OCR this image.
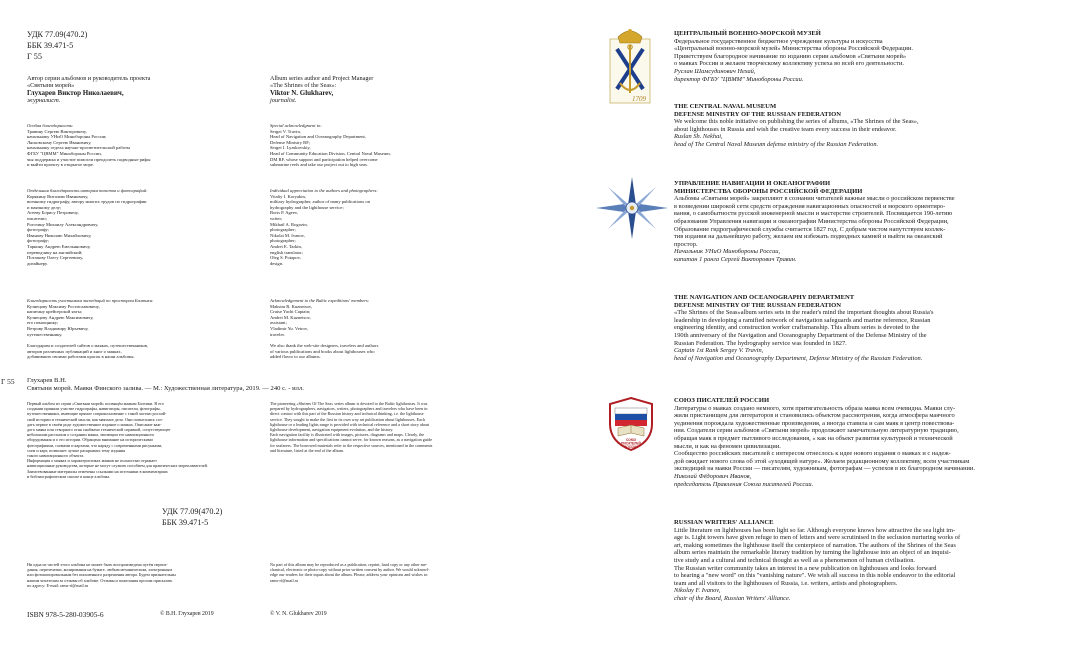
УДК 77.09(470.2)
ББК 39.471-5
Г 55

Автор серии альбомов и руководитель проекта
«Святыни морей»

Глухарев Виктор Николаевич,

журналист.

Album series author and Project Manager
«The Shrines of the Seas»:

Viktor N. Glukharev,

journalist.

Особая благодарность:

Травину Сергею Викторовичу,
начальнику УНиО Минобороны России;
Лясковскому Сергею Ивановичу,
начальнику отдела научно-просветительской работы
ФГБУ "ЦВММ" Минобороны России,
чья поддержка и участие помогли преодолеть подводные рифы
и выйти проекту в открытое море.

Special acknowledgment to:

Sergei V. Travin,
Head of Navigation and Oceanography Department,
Defense Ministry RF;
Sergei I. Lyaskovskiy,
Head of Community Education Division, Central Naval Museum,
DM RF, whose support and participation helped overcome
submarine reefs and take our project out to high seas.

Отдельная благодарность авторам текстов и фотографий:

Корякину Виталию Ивановичу,
военному гидрографу, автору многих трудов по гидрографии
и маячному делу;
Агееву Борису Петровичу,
писателю;
Рогозину Михаилу Александровичу,
фотографу;
Иванову Николаю Михайловичу,
фотографу;
Таркину Андрею Емельяновичу,
переводчику на английский;
Потапову Олегу Сергеевичу,
дизайнеру.

Individual appreciation to the authors and photographers:

Vitaliy I. Koryakin,
military hydrographer, author of many publications on
hydrography and the lighthouse service;
Boris P. Ageev,
writer;
Mikhail A. Rogozin,
photographer;
Nikolai M. Ivanov,
photographer;
Andrei E. Tarkin,
english translator;
Oleg S. Potapov,
design.

Благодарность участникам экспедиций по просторам Балтики:

Кузнецову Максиму Ростиславовичу,
капитану крейсерской яхты;
Кузнецову Андрею Максимовичу,
его помощнику;
Ветрову Владимиру Юрьевичу,
путешественнику.

Acknowledgement to the Baltic expeditions' members:

Maksim R. Kuznetsov,
Cruise Yacht Captain;
Andrei M. Kuznetsov,
assistant;
Vladimir Yu. Vetrov,
traveler.

Благодарим и создателей сайтов о маяках, путешественников,
авторов различных публикаций и книг о маяках,
добавивших своими работами красок в наши альбомы.

We also thank the web-site designers, travelers and authors
of various publications and books about lighthouses who
added flavor to our albums.

Г 55 Глухарев В.Н.
Святыни морей. Маяки Финского залива. — М.: Художественная литература, 2019. — 240 с. - илл.

Первый альбом из серии «Святыни морей» посвящён маякам Балтики. В его
создании приняли участие гидрографы, навигаторы, писатели, фотографы,
путешественники, имеющие прямое соприкосновение с такой частью россий-
ской истории и технической мысли, как маячное дело. Они попытались соз-
дать первое в своём роде художественное издание о маяках. Описание каж-
дого маяка или створного огня снабжено технической справкой, сопутствующее
небольшим рассказом о создании маяка, эволюции его навигационного
оборудования и о его истории. Обращено внимание на историческими
фотографиями, схемами и картами, что наряду с современными рисунками,
схем и карт, позволяет лучше раскрывать тему издания
такого навигационного объекта.
Информация о маяках и характеристиках маяков не полностью отражает
навигационные руководства, которые не могут служить пособием для практических мореплавателей.
Заимствованные материалы отмечены ссылками на источники в комментариях
и библиографическом списке в конце альбома.

The pioneering «Shrines Of The Sea» series album is devoted to the Baltic lighthouses. It was
prepared by hydrographers, navigators, writers, photographers and travelers who have been in
direct contact with this part of the Russian history and technical thinking, i.e. the lighthouse
service. They sought to make the first in its own way art publication about lighthouses. Each
lighthouse or a leading lights range is provided with technical reference and a short story about
lighthouse development, navigation equipment evolution, and the history.
Each navigation facility is illustrated with images, pictures, diagrams and maps. Clearly, the
lighthouse information and specifications cannot serve, for known reasons, as a navigation guide
for seafarers. The borrowed materials refer to the respective sources, mentioned in the comments
and literature, listed at the end of the album.

УДК 77.09(470.2)
ББК 39.471-5

Ни одна из частей этого альбома не может быть воспроизведена путём переиз-
дания, перепечатки, копирования на бумаге, любым механическим, электронным
или фотокопировальным без письменного разрешения автора. Будем признательны
нашим читателям за отзывы об альбоме. Отзывы и пожелания просим присылать
по адресу: E-mail: rams-rf@mail.ru

No part of this album may be reproduced as a publication, reprint, hard copy or any other me-
chanical, electronic or photo-copy without prior written consent by author. We would acknowl-
edge our readers for their inputs about the album. Please, address your opinions and wishes to:
rams-rf@mail.ru

ISBN 978-5-280-03905-6	© В.Н. Глухарев 2019	© V. N. Glukharev 2019
1709
ЦЕНТРАЛЬНЫЙ ВОЕННО-МОРСКОЙ МУЗЕЙ

Федеральное государственное бюджетное учреждение культуры и искусства
«Центральный военно-морской музей» Министерства обороны Российской Федерации.
Приветствуем благородное начинание по изданию серии альбомов «Святыни морей»
о маяках России и желаем творческому коллективу успеха во всей его деятельности.

Руслан Шамсудинович Нехай,
директор ФГБУ "ЦВММ" Минобороны России.

THE CENTRAL NAVAL MUSEUM
DEFENSE MINISTRY OF THE RUSSIAN FEDERATION

We welcome this noble initiative on publishing the series of albums, «The Shrines of the Seas»,
about lighthouses in Russia and wish the creative team every success in their endeavor.

Ruslan Sh. Nekhai,
head of The Central Naval Museum defense ministry of the Russian Federation.

УПРАВЛЕНИЕ НАВИГАЦИИ И ОКЕАНОГРАФИИ
МИНИСТЕРСТВА ОБОРОНЫ РОССИЙСКОЙ ФЕДЕРАЦИИ

Альбомы «Святыни морей» закрепляют в сознании читателей важные мысли о российском первенстве
в возведении широкой сети средств ограждения навигационных опасностей и морского ориентиро-
вания, о самобытности русской инженерной мысли и мастерстве строителей. Посвящается 190-летию
образования Управления навигации и океанографии Министерства обороны Российской Федерации,
Образование гидрографической службы считается 1827 год. С добрым чистом напутствуем коллек-
тив издания на дальнейшую работу, желаем им избежать подводных камней и выйти на океанский
простор.

Начальник УНиО Минобороны России,
капитан 1 ранга Сергей Викторович Травин.

THE NAVIGATION AND OCEANOGRAPHY DEPARTMENT
DEFENSE MINISTRY OF THE RUSSIAN FEDERATION

«The Shrines of the Seas»album series sets in the reader's mind the important thoughts about Russia's
leadership in developing a ramified network of navigation safeguards and marine reference, Russian
engineering identity, and construction worker craftsmanship. This album series is devoted to the
190th anniversary of the Navigation and Oceanography Department of the Defense Ministry of the
Russian Federation. The hydrography service was founded in 1827.

Captain 1st Rank Sergey V. Travin,
head of Navigation and Oceanography Department, Defense Ministry of the Russian Federation.

СОЮЗ
ПИСАТЕЛЕЙ
РОССИИ
СОЮЗ ПИСАТЕЛЕЙ РОССИИ

Литературы о маяках создано немного, хотя притягательность образа маяка всем очевидна. Маяки слу-
жили пристанищем для литераторов и становились объектом рассмотрения, когда атмосфера маячного
уединения порождала художественные произведения, а иногда ставила и сам маяк в центр повествова-
ния. Создатели серии альбомов «Святыни морей» продолжают замечательную литературную традицию,
обращая маяк в предмет пытливого исследования, « как на объект развития культурной и технической
мысли, и как на феномен цивилизации.
Сообщество российских писателей с интересом отнеслось к идее нового издания о маяках и с надеж-
дой ожидает нового слова об этой «уходящей натуре». Желаем редакционному коллективу, всем участникам
экспедиций на маяки России — писателям, художникам, фотографам — успехов в их благородном начинании.

Николай Фёдорович Иванов,
председатель Правления Союза писателей России.

RUSSIAN WRITERS' ALLIANCE

Little literature on lighthouses has been light so far. Although everyone knows how attractive the sea light im-
age is. Light towers have given refuge to men of letters and were scrutinised in the seclusion nurturing works of
art, making sometimes the lighthouse itself the centerpiece of narration. The authors of the Shrines of the Seas
album series maintain the remarkable literary tradition by turning the lighthouse into an object of an inquisi-
tive study and a cultural and technical thought as well as a phenomenon of human civilisation.
The Russian writer community takes an interest in a new publication on lighthouses and looks forward
to hearing a "new word" on this "vanishing nature". We wish all success in this noble endeavor to the editorial
team and all visitors to the lighthouses of Russia, i.e. writers, artists and photographers.

Nikolay F. Ivanov,
chair of the Board, Russian Writers' Alliance.
